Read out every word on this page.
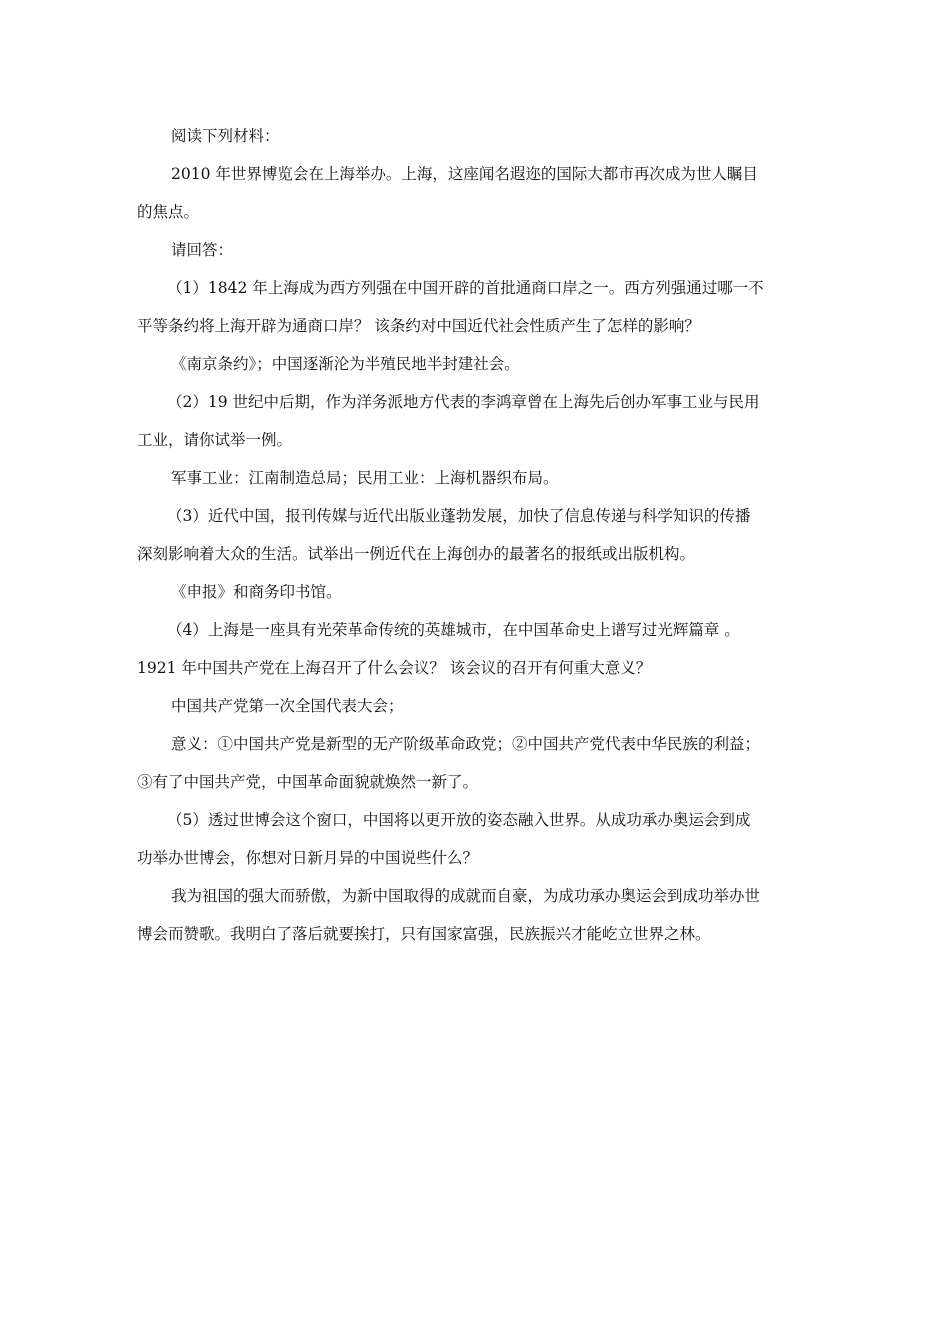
阅读下列材料：
2010 年世界博览会在上海举办。上海，这座闻名遐迩的国际大都市再次成为世人瞩目
的焦点。
请回答：
（1）1842 年上海成为西方列强在中国开辟的首批通商口岸之一。西方列强通过哪一不
平等条约将上海开辟为通商口岸？ 该条约对中国近代社会性质产生了怎样的影响？
《南京条约》；中国逐渐沦为半殖民地半封建社会。
（2）19 世纪中后期，作为洋务派地方代表的李鸿章曾在上海先后创办军事工业与民用
工业，请你试举一例。
军事工业：江南制造总局；民用工业：上海机器织布局。
（3）近代中国，报刊传媒与近代出版业蓬勃发展，加快了信息传递与科学知识的传播
深刻影响着大众的生活。试举出一例近代在上海创办的最著名的报纸或出版机构。
《申报》和商务印书馆。
（4）上海是一座具有光荣革命传统的英雄城市，在中国革命史上谱写过光辉篇章 。
1921 年中国共产党在上海召开了什么会议？ 该会议的召开有何重大意义？
中国共产党第一次全国代表大会；
意义：①中国共产党是新型的无产阶级革命政党；②中国共产党代表中华民族的利益；
③有了中国共产党，中国革命面貌就焕然一新了。
（5）透过世博会这个窗口，中国将以更开放的姿态融入世界。从成功承办奥运会到成
功举办世博会，你想对日新月异的中国说些什么？
我为祖国的强大而骄傲，为新中国取得的成就而自豪，为成功承办奥运会到成功举办世
博会而赞歌。我明白了落后就要挨打，只有国家富强，民族振兴才能屹立世界之林。
